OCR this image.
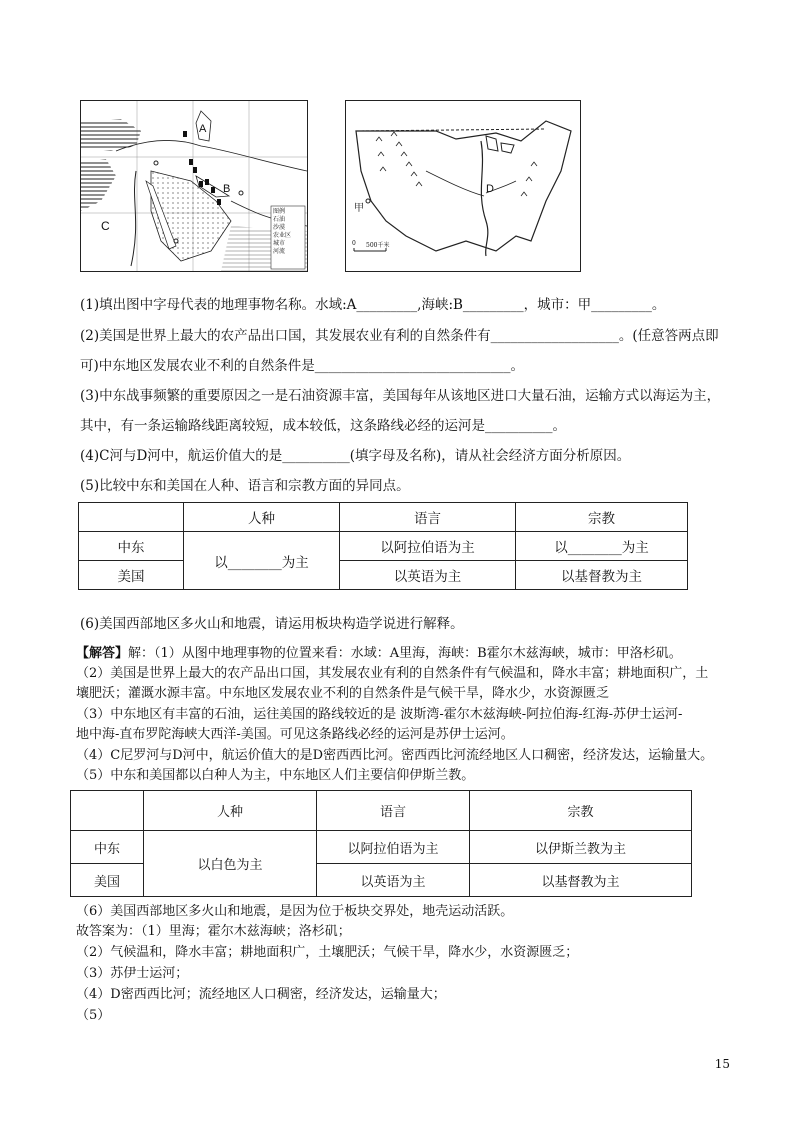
A
B
C
图例
石油
沙漠
农业区
城市
河流
D
甲
0 500千米
(1)填出图中字母代表的地理事物名称。水域:A_________,海峡:B_________，城市：甲_________。
(2)美国是世界上最大的农产品出口国，其发展农业有利的自然条件有___________________。(任意答两点即
可)中东地区发展农业不利的自然条件是_____________________________。
(3)中东战事频繁的重要原因之一是石油资源丰富，美国每年从该地区进口大量石油，运输方式以海运为主，
其中，有一条运输路线距离较短，成本较低，这条路线必经的运河是__________。
(4)C河与D河中，航运价值大的是__________(填字母及名称)，请从社会经济方面分析原因。
(5)比较中东和美国在人种、语言和宗教方面的异同点。
	人种	语言	宗教
中东	以________为主	以阿拉伯语为主	以________为主
美国		以英语为主	以基督教为主
(6)美国西部地区多火山和地震，请运用板块构造学说进行解释。
【解答】解：（1）从图中地理事物的位置来看：水域：A里海，海峡：B霍尔木兹海峡，城市：甲洛杉矶。
（2）美国是世界上最大的农产品出口国，其发展农业有利的自然条件有气候温和，降水丰富；耕地面积广，土
壤肥沃；灌溉水源丰富。中东地区发展农业不利的自然条件是气候干旱，降水少，水资源匮乏
（3）中东地区有丰富的石油，运往美国的路线较近的是 波斯湾-霍尔木兹海峡-阿拉伯海-红海-苏伊士运河-
地中海-直布罗陀海峡大西洋-美国。可见这条路线必经的运河是苏伊士运河。
（4）C尼罗河与D河中，航运价值大的是D密西西比河。密西西比河流经地区人口稠密，经济发达，运输量大。
（5）中东和美国都以白种人为主，中东地区人们主要信仰伊斯兰教。
	人种	语言	宗教
中东	以白色为主	以阿拉伯语为主	以伊斯兰教为主
美国		以英语为主	以基督教为主
（6）美国西部地区多火山和地震，是因为位于板块交界处，地壳运动活跃。
故答案为：（1）里海；霍尔木兹海峡；洛杉矶；
（2）气候温和，降水丰富；耕地面积广，土壤肥沃；气候干旱，降水少，水资源匮乏；
（3）苏伊士运河；
（4）D密西西比河；流经地区人口稠密，经济发达，运输量大；
（5）
15
